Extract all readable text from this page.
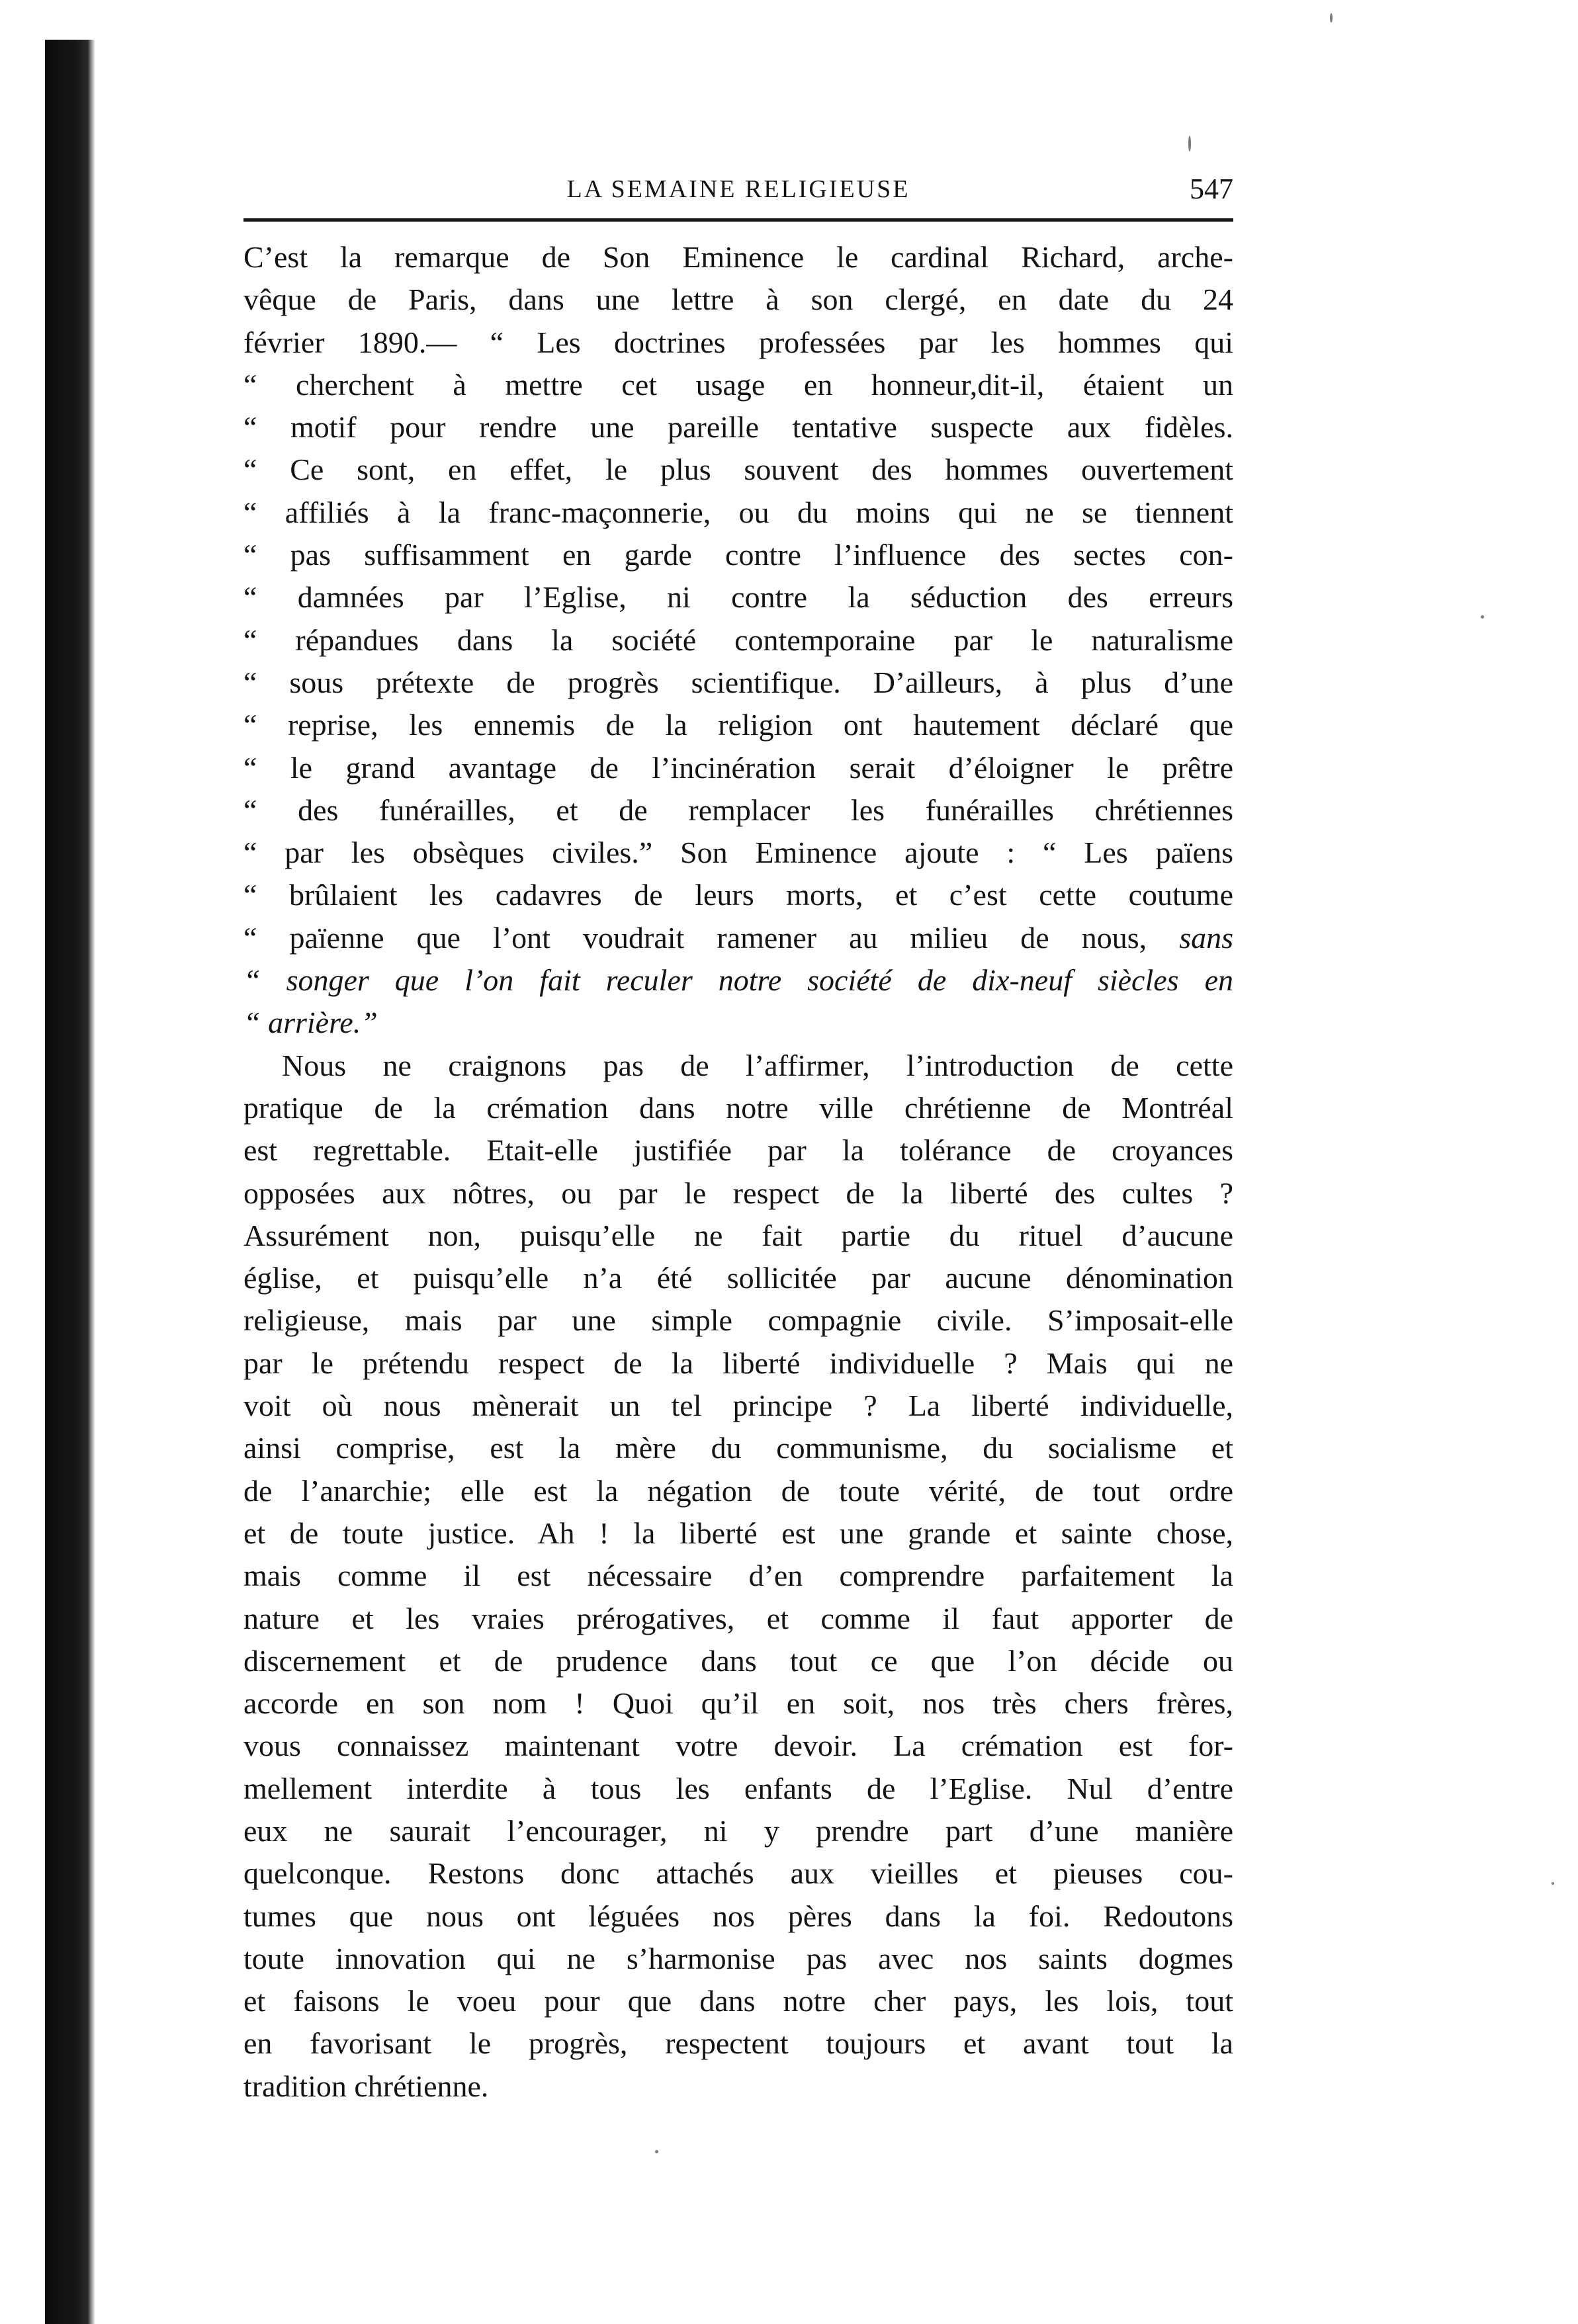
LA SEMAINE RELIGIEUSE	547
C’est la remarque de Son Eminence le cardinal Richard, arche-
vêque de Paris, dans une lettre à son clergé, en date du 24
février 1890.— “ Les doctrines professées par les hommes qui
“ cherchent à mettre cet usage en honneur,dit-il, étaient un
“ motif pour rendre une pareille tentative suspecte aux fidèles.
“ Ce sont, en effet, le plus souvent des hommes ouvertement
“ affiliés à la franc-maçonnerie, ou du moins qui ne se tiennent
“ pas suffisamment en garde contre l’influence des sectes con-
“ damnées par l’Eglise, ni contre la séduction des erreurs
“ répandues dans la société contemporaine par le naturalisme
“ sous prétexte de progrès scientifique. D’ailleurs, à plus d’une
“ reprise, les ennemis de la religion ont hautement déclaré que
“ le grand avantage de l’incinération serait d’éloigner le prêtre
“ des funérailles, et de remplacer les funérailles chrétiennes
“ par les obsèques civiles.” Son Eminence ajoute : “ Les païens
“ brûlaient les cadavres de leurs morts, et c’est cette coutume
“ païenne que l’ont voudrait ramener au milieu de nous, sans
“ songer que l’on fait reculer notre société de dix-neuf siècles en
“ arrière.”
Nous ne craignons pas de l’affirmer, l’introduction de cette
pratique de la crémation dans notre ville chrétienne de Montréal
est regrettable. Etait-elle justifiée par la tolérance de croyances
opposées aux nôtres, ou par le respect de la liberté des cultes ?
Assurément non, puisqu’elle ne fait partie du rituel d’aucune
église, et puisqu’elle n’a été sollicitée par aucune dénomination
religieuse, mais par une simple compagnie civile. S’imposait-elle
par le prétendu respect de la liberté individuelle ? Mais qui ne
voit où nous mènerait un tel principe ? La liberté individuelle,
ainsi comprise, est la mère du communisme, du socialisme et
de l’anarchie; elle est la négation de toute vérité, de tout ordre
et de toute justice. Ah ! la liberté est une grande et sainte chose,
mais comme il est nécessaire d’en comprendre parfaitement la
nature et les vraies prérogatives, et comme il faut apporter de
discernement et de prudence dans tout ce que l’on décide ou
accorde en son nom ! Quoi qu’il en soit, nos très chers frères,
vous connaissez maintenant votre devoir. La crémation est for-
mellement interdite à tous les enfants de l’Eglise. Nul d’entre
eux ne saurait l’encourager, ni y prendre part d’une manière
quelconque. Restons donc attachés aux vieilles et pieuses cou-
tumes que nous ont léguées nos pères dans la foi. Redoutons
toute innovation qui ne s’harmonise pas avec nos saints dogmes
et faisons le voeu pour que dans notre cher pays, les lois, tout
en favorisant le progrès, respectent toujours et avant tout la
tradition chrétienne.
